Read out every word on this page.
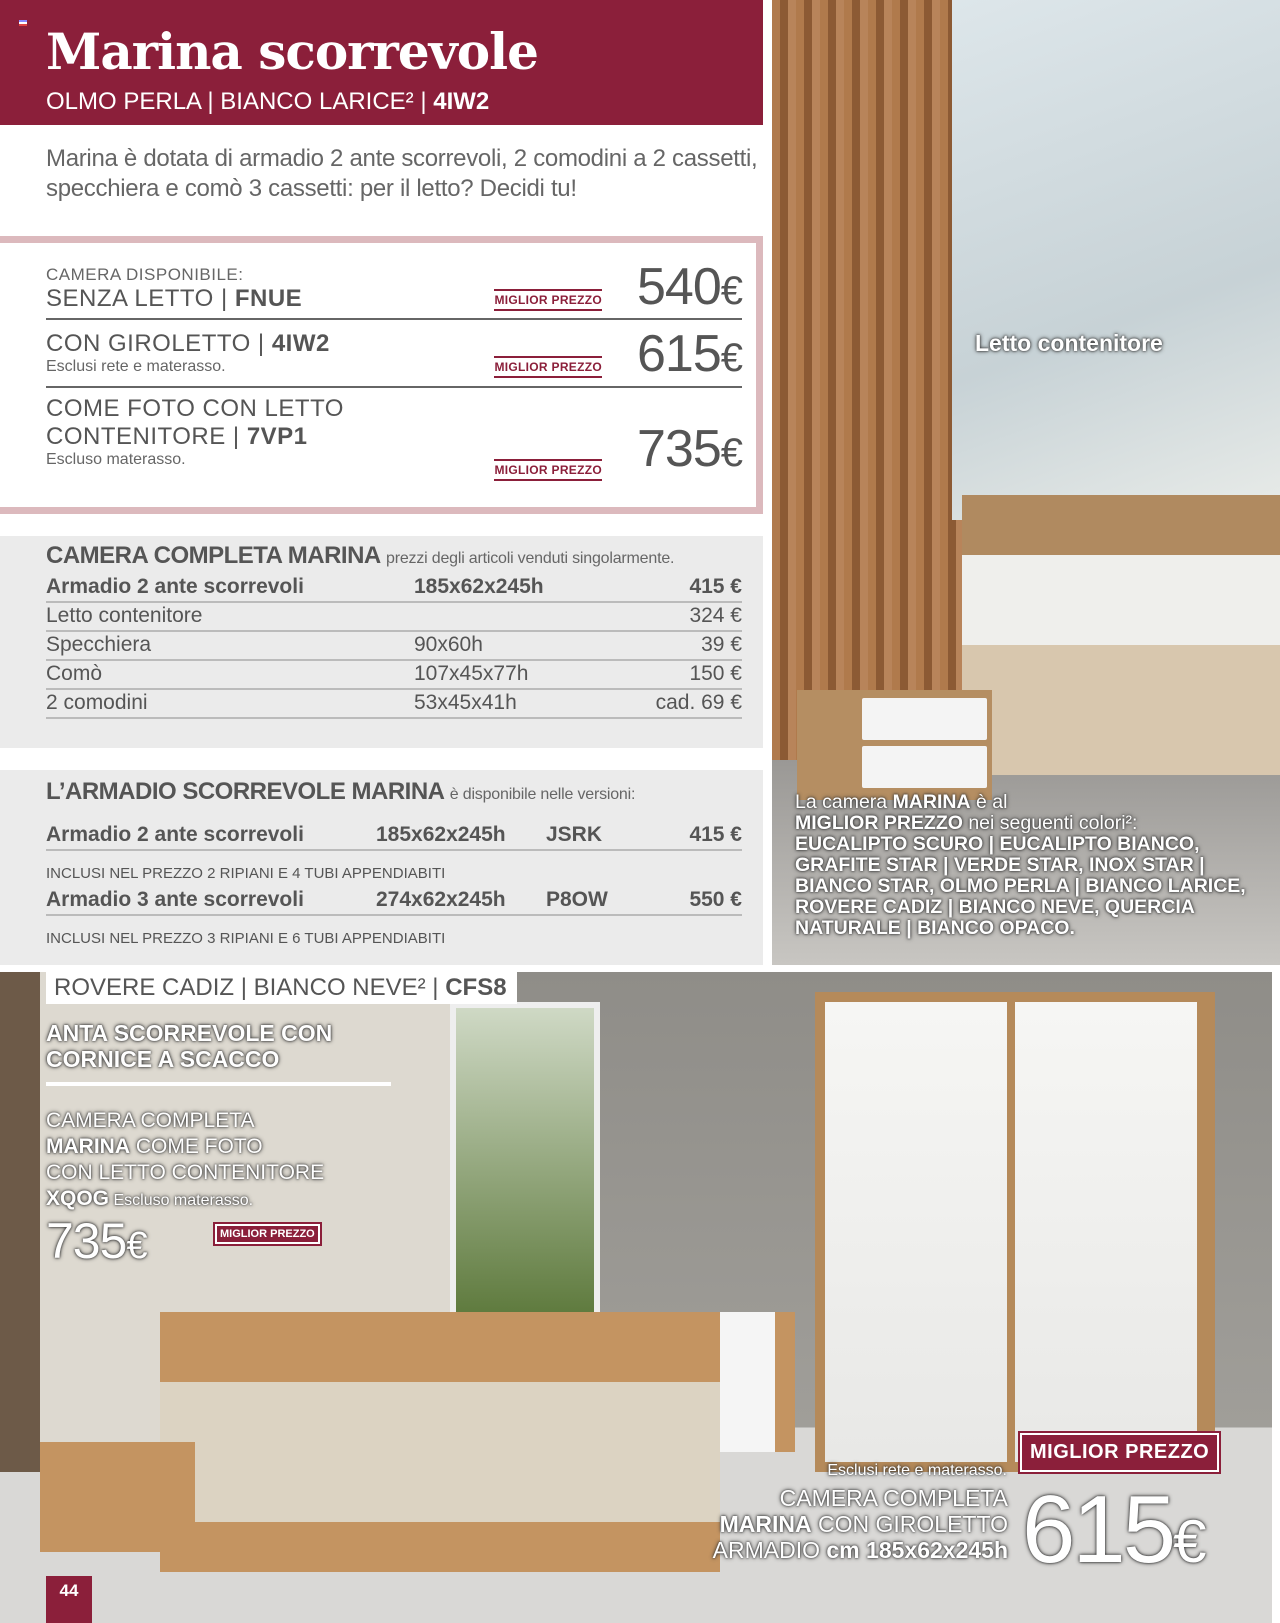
Marina scorrevole
OLMO PERLA | BIANCO LARICE² | 4IW2

Marina è dotata di armadio 2 ante scorrevoli, 2 comodini a 2 cassetti, specchiera e comò 3 cassetti: per il letto? Decidi tu!

CAMERA DISPONIBILE:
SENZA LETTO | FNUE	MIGLIOR PREZZO 540€
CON GIROLETTO | 4IW2
Esclusi rete e materasso.	MIGLIOR PREZZO 615€
COME FOTO CON LETTO
CONTENITORE | 7VP1
Escluso materasso.
MIGLIOR PREZZO 735€
CAMERA COMPLETA MARINA prezzi degli articoli venduti singolarmente.
Armadio 2 ante scorrevoli	185x62x245h	415 €
Letto contenitore	324 €
Specchiera	90x60h	39 €
Comò	107x45x77h	150 €
2 comodini	53x45x41h	cad. 69 €
L’ARMADIO SCORREVOLE MARINA è disponibile nelle versioni:
Armadio 2 ante scorrevoli	185x62x245h	JSRK	415 €
INCLUSI NEL PREZZO 2 RIPIANI E 4 TUBI APPENDIABITI
Armadio 3 ante scorrevoli	274x62x245h	P8OW	550 €
INCLUSI NEL PREZZO 3 RIPIANI E 6 TUBI APPENDIABITI
Letto contenitore
La camera MARINA è al
MIGLIOR PREZZO nei seguenti colori²:
EUCALIPTO SCURO | EUCALIPTO BIANCO, GRAFITE STAR | VERDE STAR, INOX STAR | BIANCO STAR, OLMO PERLA | BIANCO LARICE, ROVERE CADIZ | BIANCO NEVE, QUERCIA NATURALE | BIANCO OPACO.
ROVERE CADIZ | BIANCO NEVE² | CFS8
ANTA SCORREVOLE CON CORNICE A SCACCO
CAMERA COMPLETA
MARINA COME FOTO
CON LETTO CONTENITORE
XQOG Escluso materasso.
735€	MIGLIOR PREZZO
MIGLIOR PREZZO
Esclusi rete e materasso.
CAMERA COMPLETA
MARINA CON GIROLETTO
ARMADIO cm 185x62x245h 615€
44
